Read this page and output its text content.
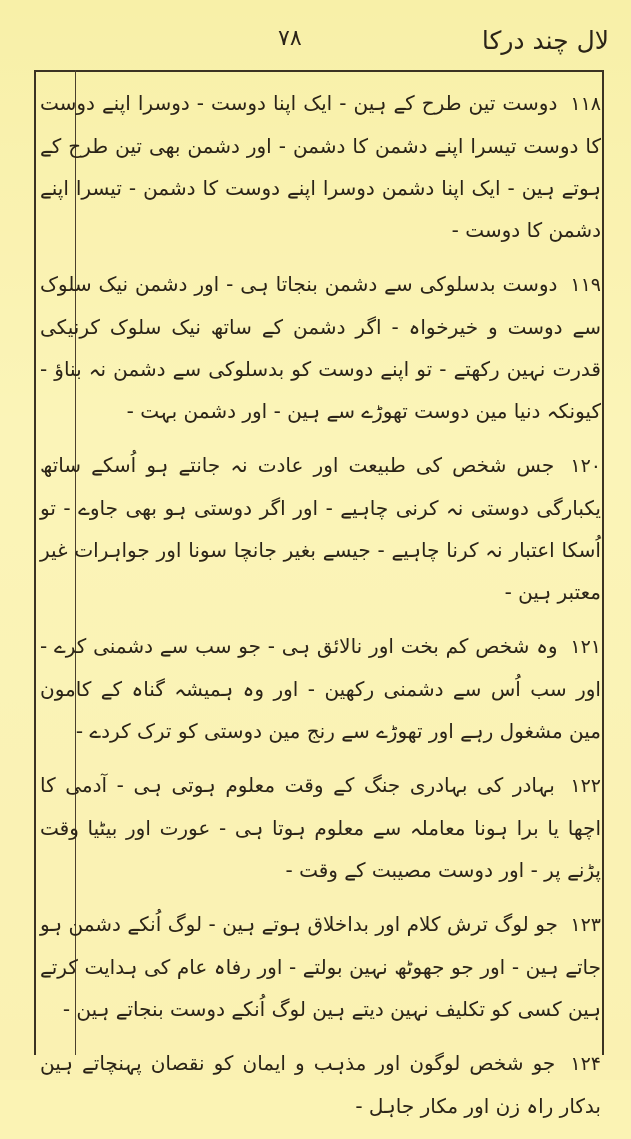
لال چند درکا
۷۸

۱۱۸ دوست تین طرح کے ہین - ایک اپنا دوست - دوسرا اپنے دوست کا دوست تیسرا اپنے دشمن کا دشمن - اور دشمن بھی تین طرح کے ہوتے ہین - ایک اپنا دشمن دوسرا اپنے دوست کا دشمن - تیسرا اپنے دشمن کا دوست -

۱۱۹ دوست بدسلوکی سے دشمن بنجاتا ہی - اور دشمن نیک سلوک سے دوست و خیرخواہ - اگر دشمن کے ساتھ نیک سلوک کرنیکی قدرت نہین رکھتے - تو اپنے دوست کو بدسلوکی سے دشمن نہ بناؤ - کیونکہ دنیا مین دوست تھوڑے سے ہین - اور دشمن بہت -

۱۲۰ جس شخص کی طبیعت اور عادت نہ جانتے ہو اُسکے ساتھ یکبارگی دوستی نہ کرنی چاہیے - اور اگر دوستی ہو بھی جاوے - تو اُسکا اعتبار نہ کرنا چاہیے - جیسے بغیر جانچا سونا اور جواہرات غیر معتبر ہین -

۱۲۱ وہ شخص کم بخت اور نالائق ہی - جو سب سے دشمنی کرے - اور سب اُس سے دشمنی رکھین - اور وہ ہمیشہ گناہ کے کامون مین مشغول رہے اور تھوڑے سے رنج مین دوستی کو ترک کردے -

۱۲۲ بہادر کی بہادری جنگ کے وقت معلوم ہوتی ہی - آدمی کا اچھا یا برا ہونا معاملہ سے معلوم ہوتا ہی - عورت اور بیٹیا وقت پڑنے پر - اور دوست مصیبت کے وقت -

۱۲۳ جو لوگ ترش کلام اور بداخلاق ہوتے ہین - لوگ اُنکے دشمن ہو جاتے ہین - اور جو جھوٹھ نہین بولتے - اور رفاہ عام کی ہدایت کرتے ہین کسی کو تکلیف نہین دیتے ہین لوگ اُنکے دوست بنجاتے ہین -

۱۲۴ جو شخص لوگون اور مذہب و ایمان کو نقصان پہنچاتے ہین بدکار راہ زن اور مکار جاہل -
